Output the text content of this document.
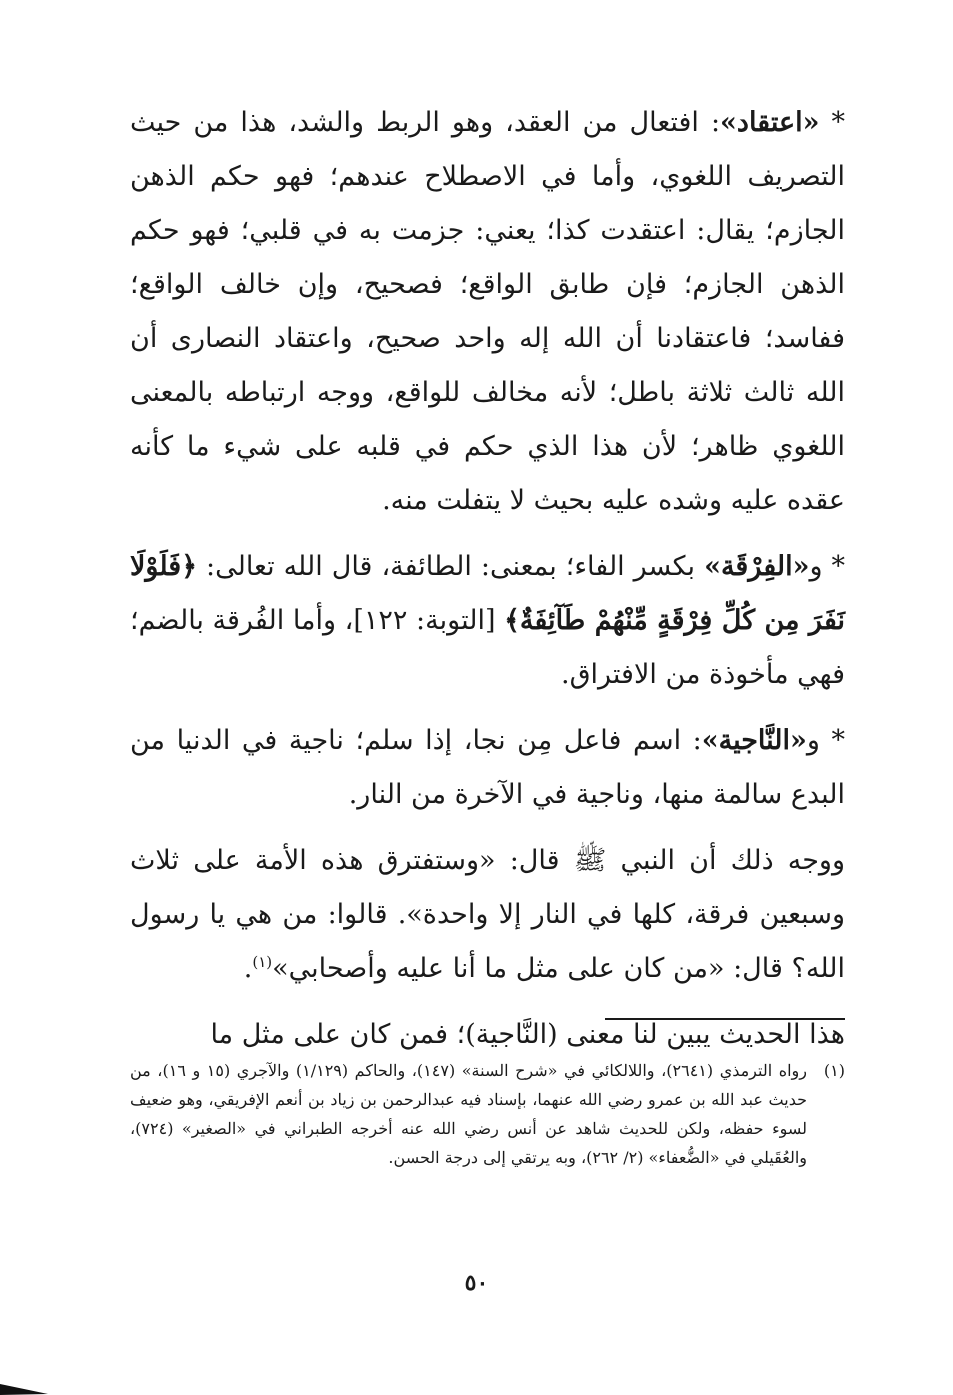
* «اعتقاد»: افتعال من العقد، وهو الربط والشد، هذا من حيث التصريف اللغوي، وأما في الاصطلاح عندهم؛ فهو حكم الذهن الجازم؛ يقال: اعتقدت كذا؛ يعني: جزمت به في قلبي؛ فهو حكم الذهن الجازم؛ فإن طابق الواقع؛ فصحيح، وإن خالف الواقع؛ ففاسد؛ فاعتقادنا أن الله إله واحد صحيح، واعتقاد النصارى أن الله ثالث ثلاثة باطل؛ لأنه مخالف للواقع، ووجه ارتباطه بالمعنى اللغوي ظاهر؛ لأن هذا الذي حكم في قلبه على شيء ما كأنه عقده عليه وشده عليه بحيث لا يتفلت منه.

* و«الفِرْقَة» بكسر الفاء؛ بمعنى: الطائفة، قال الله تعالى: ﴿فَلَوْلَا نَفَرَ مِن كُلِّ فِرْقَةٍ مِّنْهُمْ طَآئِفَةٌ﴾ [التوبة: ١٢٢]، وأما الفُرقة بالضم؛ فهي مأخوذة من الافتراق.

* و«النَّاجية»: اسم فاعل مِن نجا، إذا سلم؛ ناجية في الدنيا من البدع سالمة منها، وناجية في الآخرة من النار.

ووجه ذلك أن النبي ﷺ قال: «وستفترق هذه الأمة على ثلاث وسبعين فرقة، كلها في النار إلا واحدة». قالوا: من هي يا رسول الله؟ قال: «من كان على مثل ما أنا عليه وأصحابي»$^{(١)}$.

هذا الحديث يبين لنا معنى (النَّاجية)؛ فمن كان على مثل ما

(١)
رواه الترمذي (٢٦٤١)، واللالكائي في «شرح السنة» (١٤٧)، والحاكم (١/١٢٩) والآجري (١٥ و ١٦)، من حديث عبد الله بن عمرو رضي الله عنهما، بإسناد فيه عبدالرحمن بن زياد بن أنعم الإفريقي، وهو ضعيف لسوء حفظه، ولكن للحديث شاهد عن أنس رضي الله عنه أخرجه الطبراني في «الصغير» (٧٢٤)، والعُقَيلي في «الضُّعفاء» (٢/ ٢٦٢)، وبه يرتقي إلى درجة الحسن.
٥٠
